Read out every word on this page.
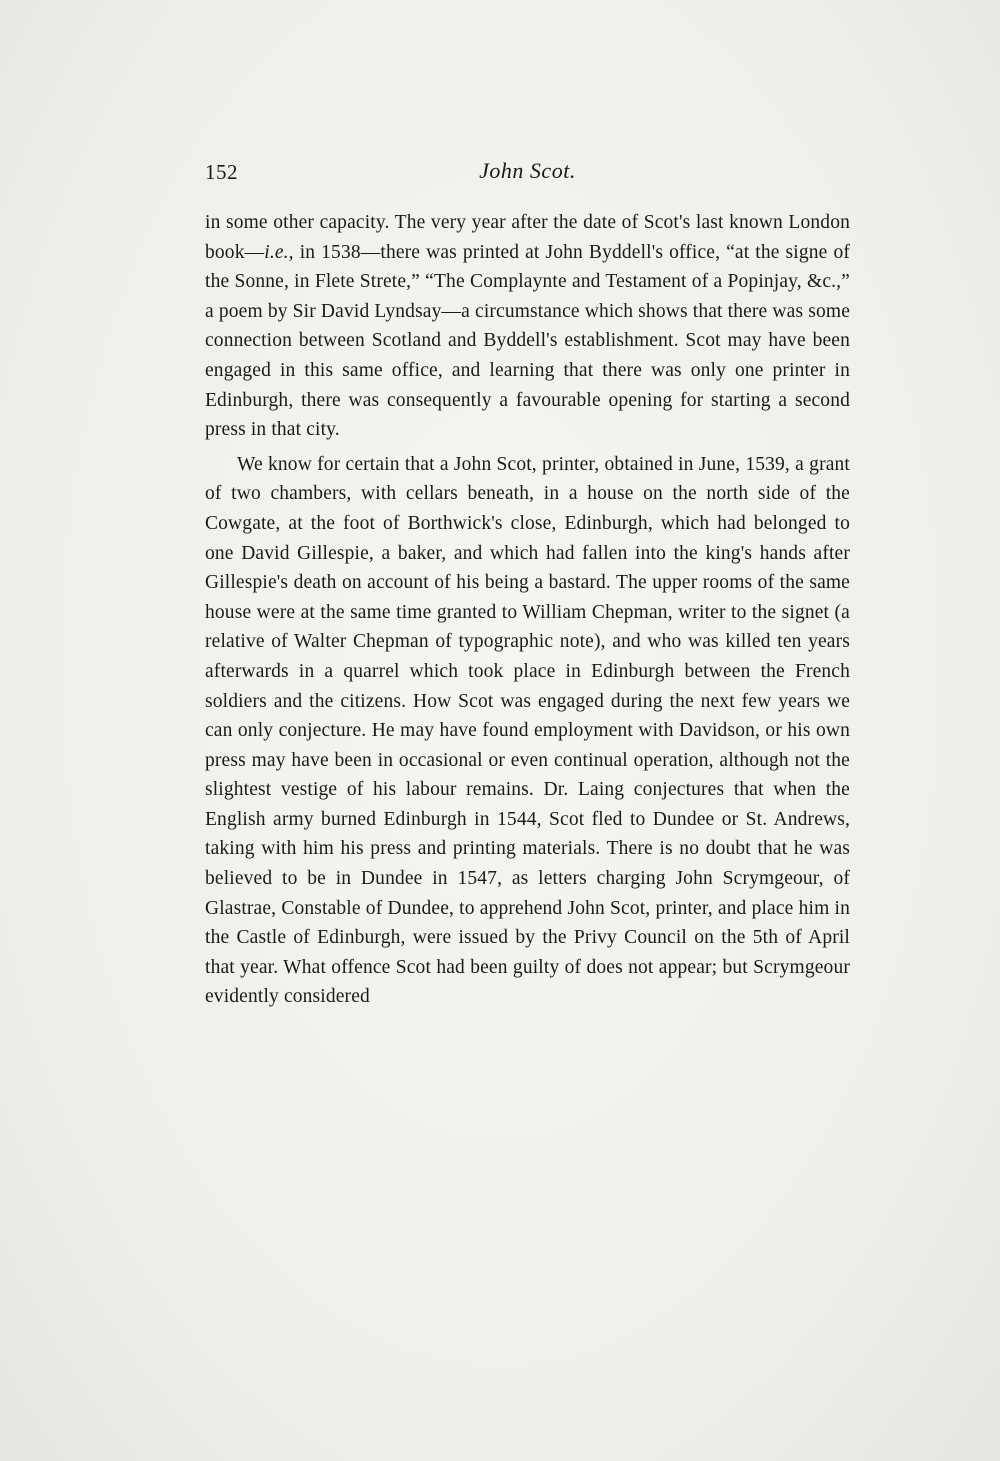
152	John Scot.

in some other capacity. The very year after the date of Scot's last known London book—i.e., in 1538—there was printed at John Byddell's office, “at the signe of the Sonne, in Flete Strete,” “The Complaynte and Testament of a Popinjay, &c.,” a poem by Sir David Lyndsay—a circumstance which shows that there was some connection between Scotland and Byddell's establishment. Scot may have been engaged in this same office, and learning that there was only one printer in Edinburgh, there was consequently a favourable opening for starting a second press in that city.

We know for certain that a John Scot, printer, obtained in June, 1539, a grant of two chambers, with cellars beneath, in a house on the north side of the Cowgate, at the foot of Borthwick's close, Edinburgh, which had belonged to one David Gillespie, a baker, and which had fallen into the king's hands after Gillespie's death on account of his being a bastard. The upper rooms of the same house were at the same time granted to William Chepman, writer to the signet (a relative of Walter Chepman of typographic note), and who was killed ten years afterwards in a quarrel which took place in Edinburgh between the French soldiers and the citizens. How Scot was engaged during the next few years we can only conjecture. He may have found employment with Davidson, or his own press may have been in occasional or even continual operation, although not the slightest vestige of his labour remains. Dr. Laing conjectures that when the English army burned Edinburgh in 1544, Scot fled to Dundee or St. Andrews, taking with him his press and printing materials. There is no doubt that he was believed to be in Dundee in 1547, as letters charging John Scrymgeour, of Glastrae, Constable of Dundee, to apprehend John Scot, printer, and place him in the Castle of Edinburgh, were issued by the Privy Council on the 5th of April that year. What offence Scot had been guilty of does not appear; but Scrymgeour evidently considered
